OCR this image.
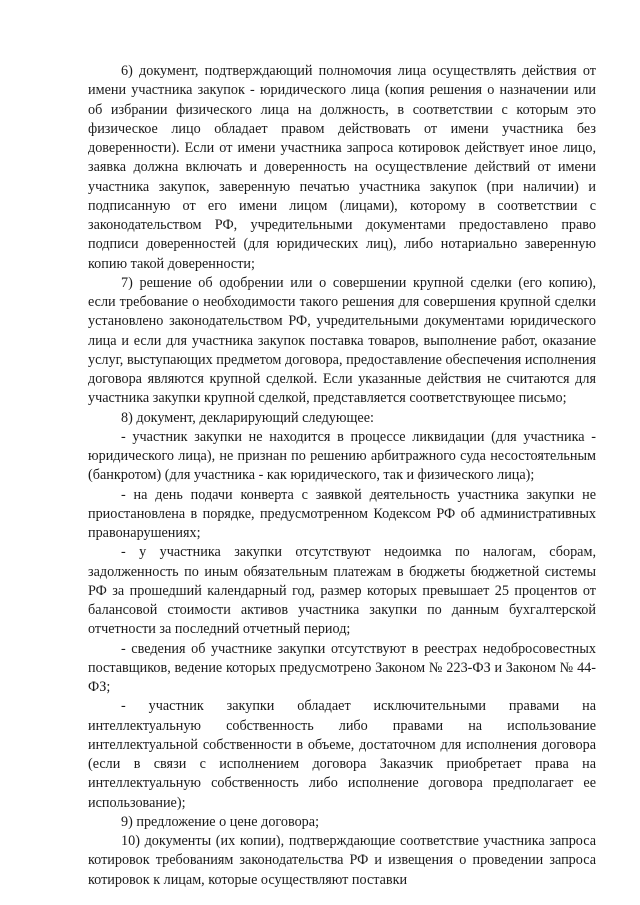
6) документ, подтверждающий полномочия лица осуществлять действия от имени участника закупок - юридического лица (копия решения о назначении или об избрании физического лица на должность, в соответствии с которым это физическое лицо обладает правом действовать от имени участника без доверенности). Если от имени участника запроса котировок действует иное лицо, заявка должна включать и доверенность на осуществление действий от имени участника закупок, заверенную печатью участника закупок (при наличии) и подписанную от его имени лицом (лицами), которому в соответствии с законодательством РФ, учредительными документами предоставлено право подписи доверенностей (для юридических лиц), либо нотариально заверенную копию такой доверенности;

7) решение об одобрении или о совершении крупной сделки (его копию), если требование о необходимости такого решения для совершения крупной сделки установлено законодательством РФ, учредительными документами юридического лица и если для участника закупок поставка товаров, выполнение работ, оказание услуг, выступающих предметом договора, предоставление обеспечения исполнения договора являются крупной сделкой. Если указанные действия не считаются для участника закупки крупной сделкой, представляется соответствующее письмо;

8) документ, декларирующий следующее:

- участник закупки не находится в процессе ликвидации (для участника - юридического лица), не признан по решению арбитражного суда несостоятельным (банкротом) (для участника - как юридического, так и физического лица);

- на день подачи конверта с заявкой деятельность участника закупки не приостановлена в порядке, предусмотренном Кодексом РФ об административных правонарушениях;

- у участника закупки отсутствуют недоимка по налогам, сборам, задолженность по иным обязательным платежам в бюджеты бюджетной системы РФ за прошедший календарный год, размер которых превышает 25 процентов от балансовой стоимости активов участника закупки по данным бухгалтерской отчетности за последний отчетный период;

- сведения об участнике закупки отсутствуют в реестрах недобросовестных поставщиков, ведение которых предусмотрено Законом № 223-ФЗ и Законом № 44-ФЗ;

- участник закупки обладает исключительными правами на интеллектуальную собственность либо правами на использование интеллектуальной собственности в объеме, достаточном для исполнения договора (если в связи с исполнением договора Заказчик приобретает права на интеллектуальную собственность либо исполнение договора предполагает ее использование);

9) предложение о цене договора;

10) документы (их копии), подтверждающие соответствие участника запроса котировок требованиям законодательства РФ и извещения о проведении запроса котировок к лицам, которые осуществляют поставки
